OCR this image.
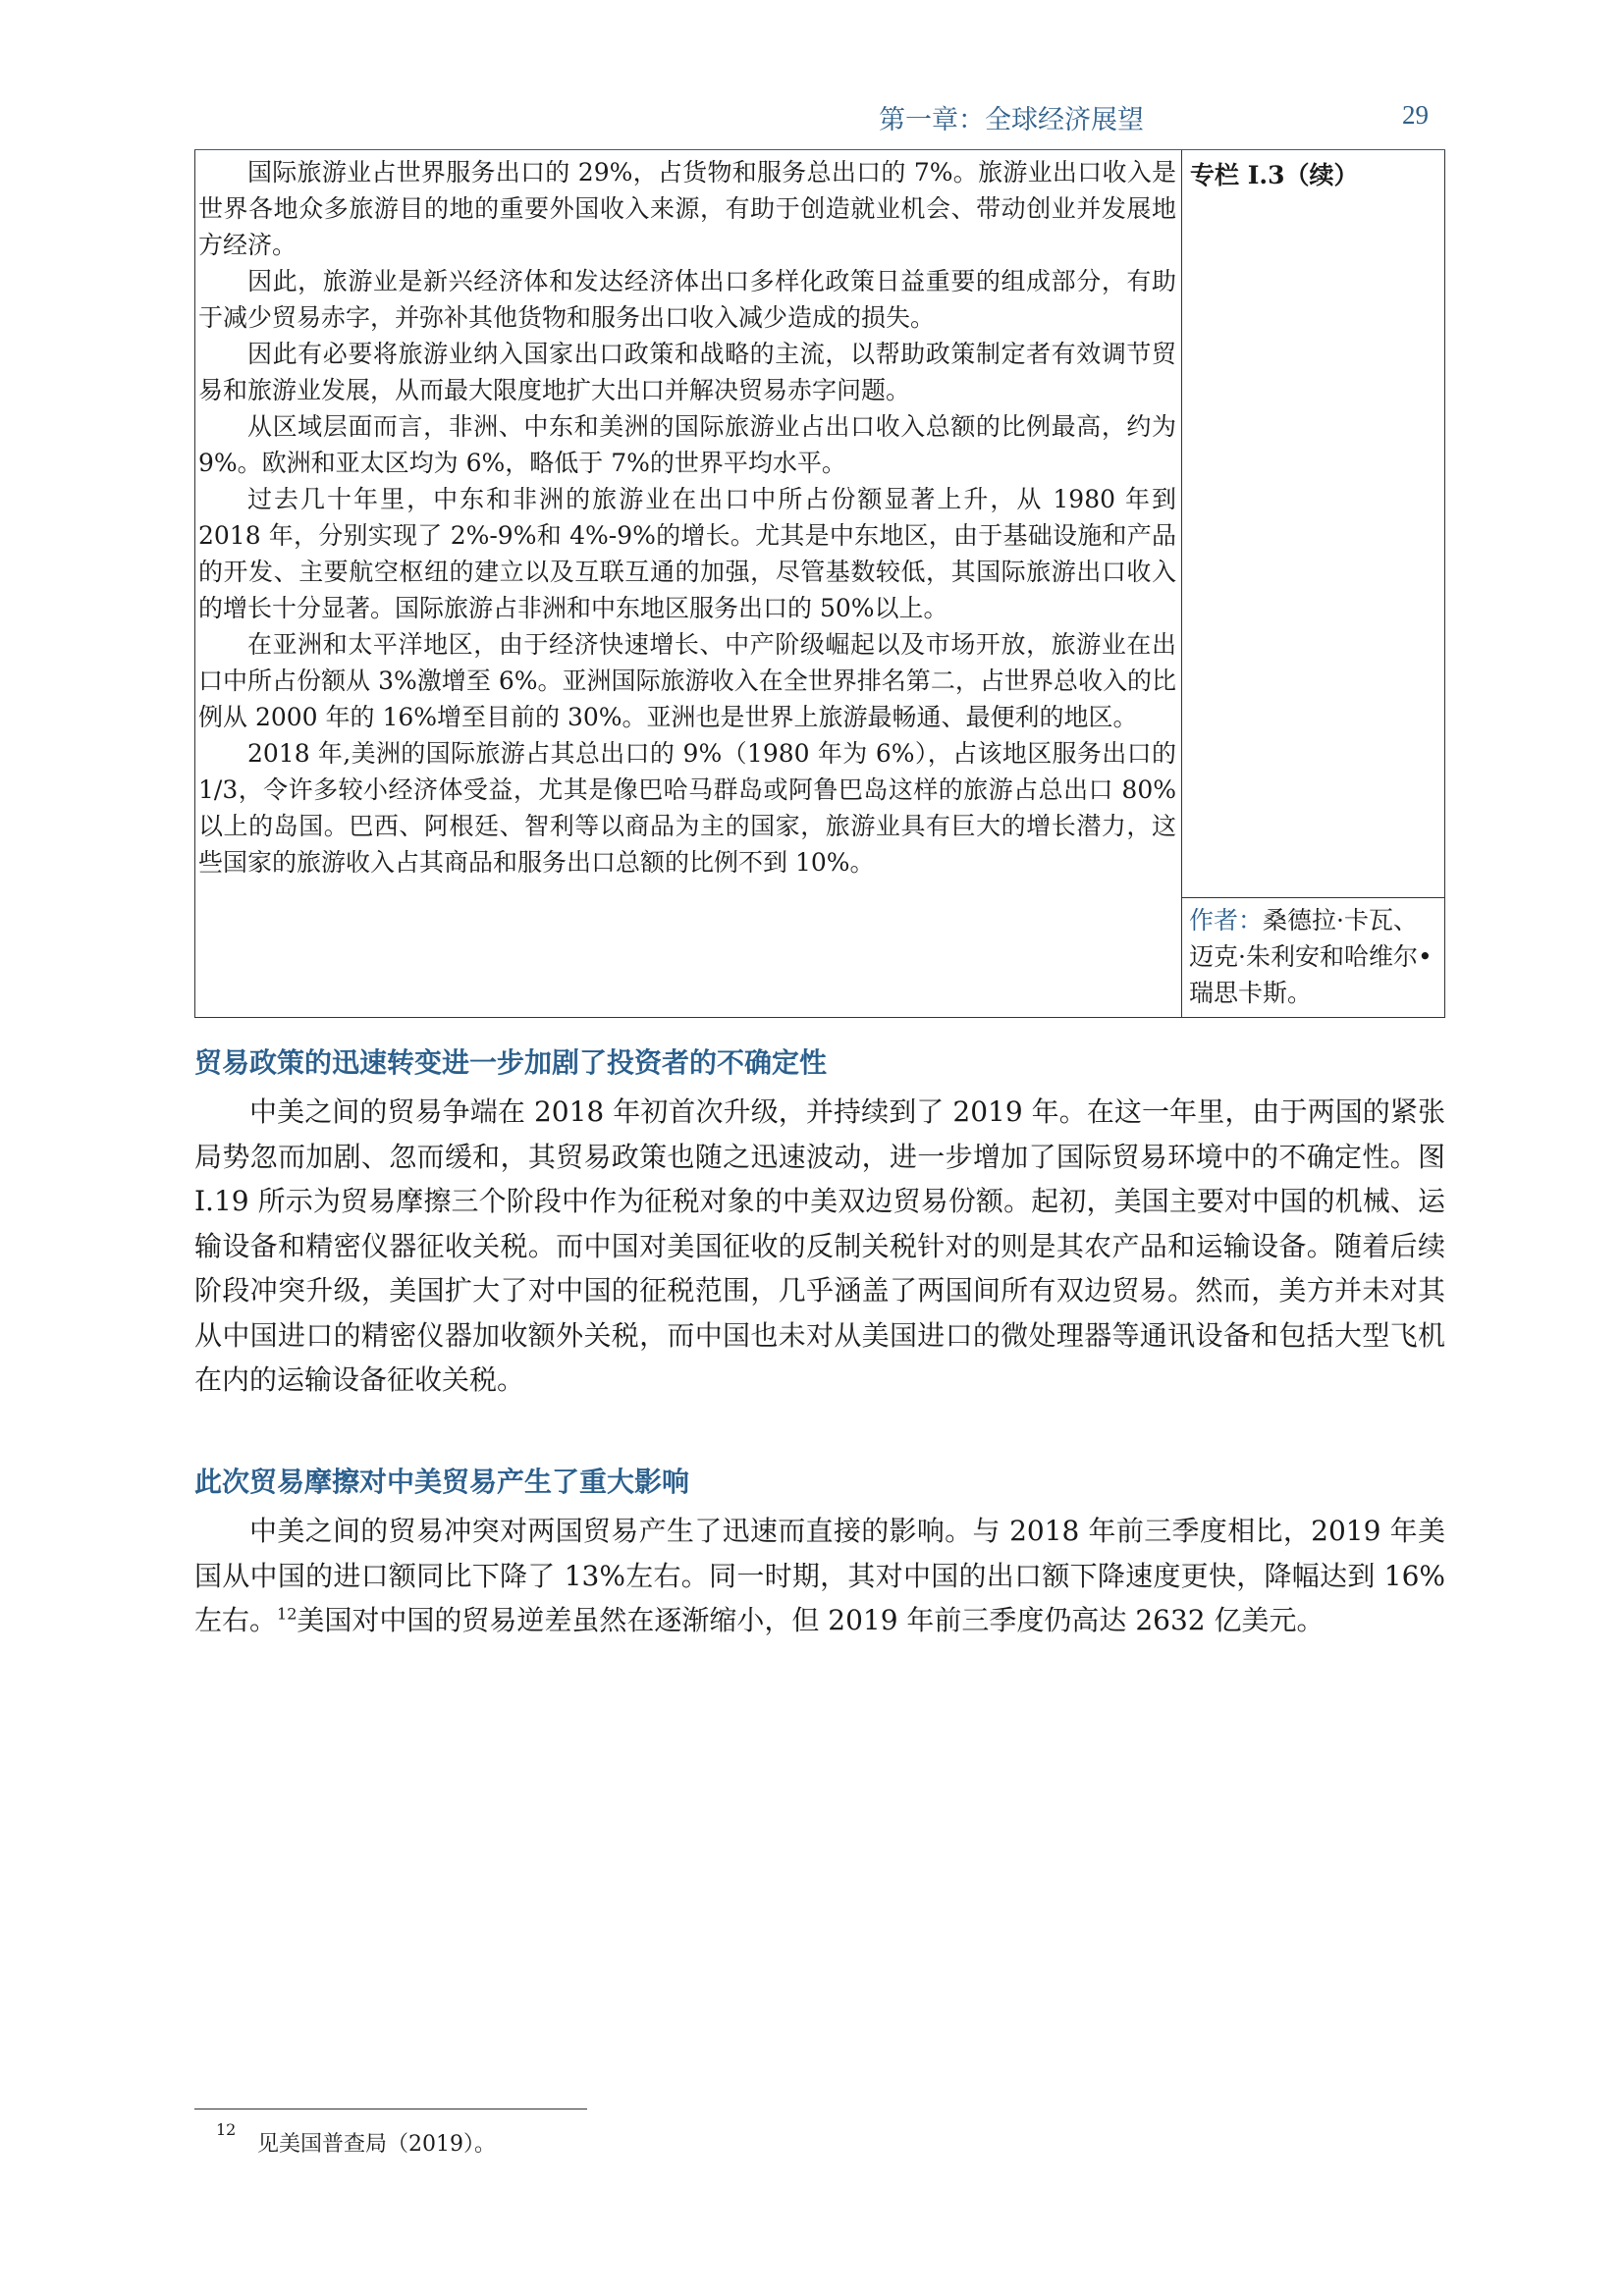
第一章：全球经济展望	29

国际旅游业占世界服务出口的 29%，占货物和服务总出口的 7%。旅游业出口收入是世界各地众多旅游目的地的重要外国收入来源，有助于创造就业机会、带动创业并发展地方经济。

因此，旅游业是新兴经济体和发达经济体出口多样化政策日益重要的组成部分，有助于减少贸易赤字，并弥补其他货物和服务出口收入减少造成的损失。

因此有必要将旅游业纳入国家出口政策和战略的主流，以帮助政策制定者有效调节贸易和旅游业发展，从而最大限度地扩大出口并解决贸易赤字问题。

从区域层面而言，非洲、中东和美洲的国际旅游业占出口收入总额的比例最高，约为 9%。欧洲和亚太区均为 6%，略低于 7%的世界平均水平。

过去几十年里，中东和非洲的旅游业在出口中所占份额显著上升，从 1980 年到 2018 年，分别实现了 2%-9%和 4%-9%的增长。尤其是中东地区，由于基础设施和产品的开发、主要航空枢纽的建立以及互联互通的加强，尽管基数较低，其国际旅游出口收入的增长十分显著。国际旅游占非洲和中东地区服务出口的 50%以上。

在亚洲和太平洋地区，由于经济快速增长、中产阶级崛起以及市场开放，旅游业在出口中所占份额从 3%激增至 6%。亚洲国际旅游收入在全世界排名第二，占世界总收入的比例从 2000 年的 16%增至目前的 30%。亚洲也是世界上旅游最畅通、最便利的地区。

2018 年,美洲的国际旅游占其总出口的 9%（1980 年为 6%），占该地区服务出口的 1/3，令许多较小经济体受益，尤其是像巴哈马群岛或阿鲁巴岛这样的旅游占总出口 80%以上的岛国。巴西、阿根廷、智利等以商品为主的国家，旅游业具有巨大的增长潜力，这些国家的旅游收入占其商品和服务出口总额的比例不到 10%。

专栏 I.3（续）
作者：桑德拉·卡瓦、迈克·朱利安和哈维尔•瑞思卡斯。
贸易政策的迅速转变进一步加剧了投资者的不确定性

中美之间的贸易争端在 2018 年初首次升级，并持续到了 2019 年。在这一年里，由于两国的紧张局势忽而加剧、忽而缓和，其贸易政策也随之迅速波动，进一步增加了国际贸易环境中的不确定性。图 I.19 所示为贸易摩擦三个阶段中作为征税对象的中美双边贸易份额。起初，美国主要对中国的机械、运输设备和精密仪器征收关税。而中国对美国征收的反制关税针对的则是其农产品和运输设备。随着后续阶段冲突升级，美国扩大了对中国的征税范围，几乎涵盖了两国间所有双边贸易。然而，美方并未对其从中国进口的精密仪器加收额外关税，而中国也未对从美国进口的微处理器等通讯设备和包括大型飞机在内的运输设备征收关税。

此次贸易摩擦对中美贸易产生了重大影响

中美之间的贸易冲突对两国贸易产生了迅速而直接的影响。与 2018 年前三季度相比，2019 年美国从中国的进口额同比下降了 13%左右。同一时期，其对中国的出口额下降速度更快，降幅达到 16%左右。$^{12}$美国对中国的贸易逆差虽然在逐渐缩小，但 2019 年前三季度仍高达 2632 亿美元。

12
见美国普查局（2019）。
